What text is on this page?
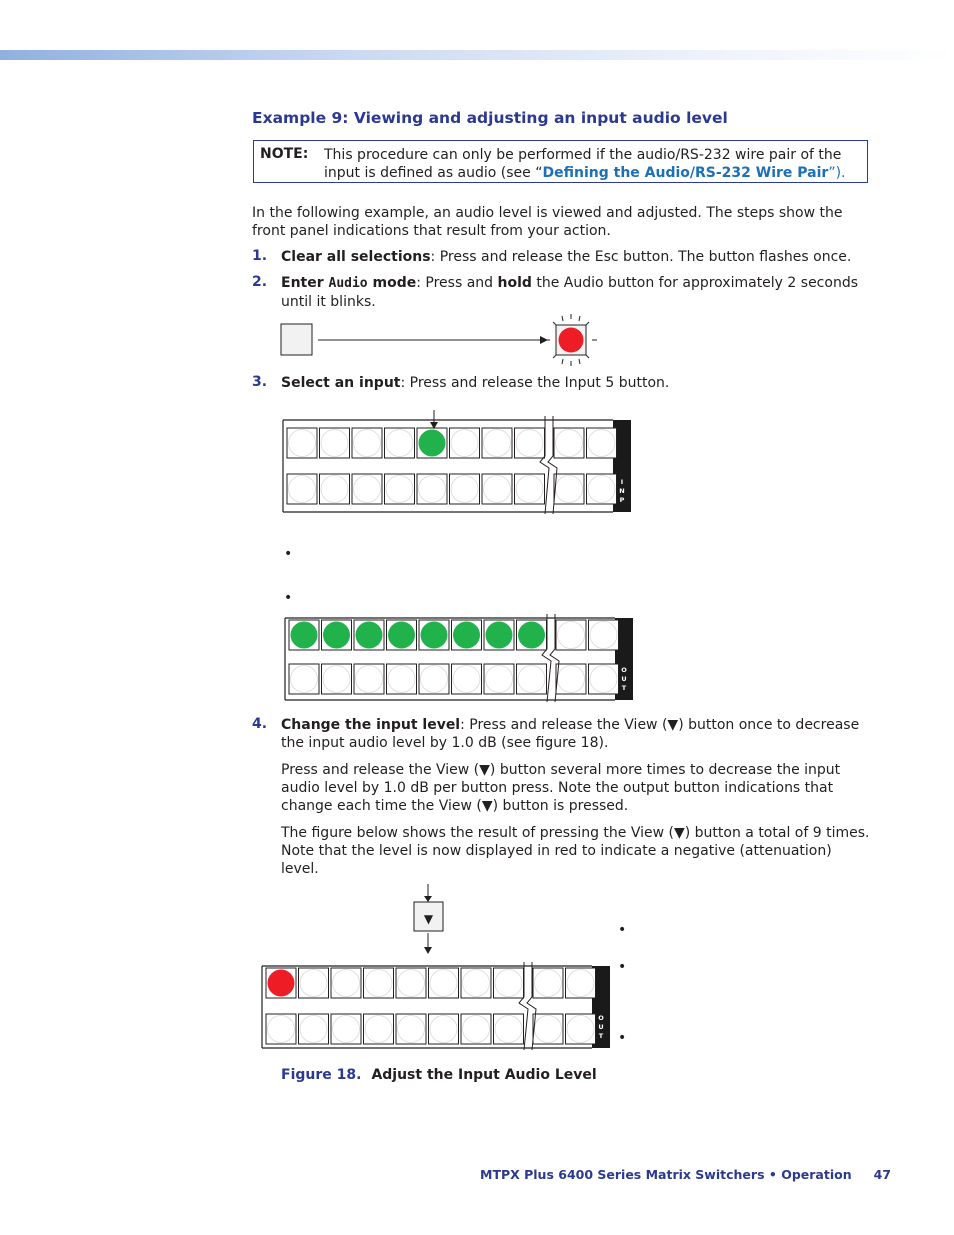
Example 9: Viewing and adjusting an input audio level
NOTE: This procedure can only be performed if the audio/RS-232 wire pair of the input is defined as audio (see “Defining the Audio/RS-232 Wire Pair”).
In the following example, an audio level is viewed and adjusted. The steps show the front panel indications that result from your action.
1. Clear all selections: Press and release the Esc button. The button flashes once.
2. Enter Audio mode: Press and hold the Audio button for approximately 2 seconds until it blinks.
3. Select an input: Press and release the Input 5 button.
I
N
P
•
•
O
U
T
4. Change the input level: Press and release the View (▼) button once to decrease the input audio level by 1.0 dB (see figure 18).
Press and release the View (▼) button several more times to decrease the input audio level by 1.0 dB per button press. Note the output button indications that change each time the View (▼) button is pressed.
The figure below shows the result of pressing the View (▼) button a total of 9 times. Note that the level is now displayed in red to indicate a negative (attenuation) level.
▼
•
•
•
O
U
T
Figure 18. Adjust the Input Audio Level
MTPX Plus 6400 Series Matrix Switchers • Operation 47
